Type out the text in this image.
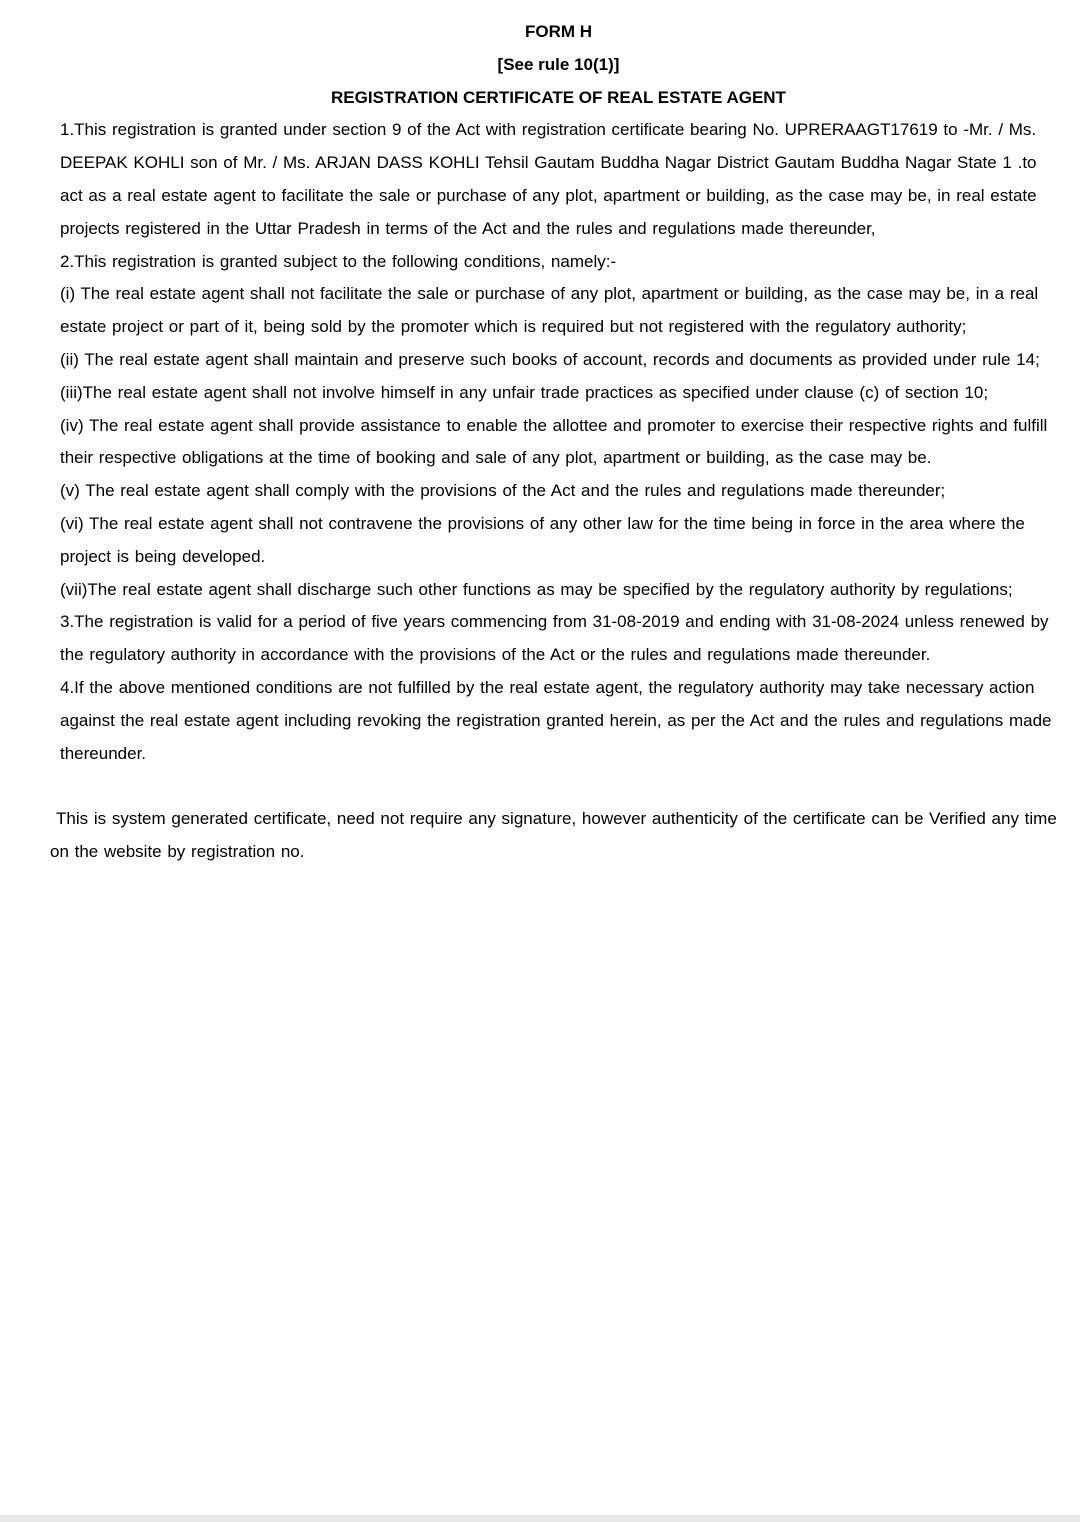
FORM H
[See rule 10(1)]
REGISTRATION CERTIFICATE OF REAL ESTATE AGENT

1.This registration is granted under section 9 of the Act with registration certificate bearing No. UPRERAAGT17619 to -Mr. / Ms. DEEPAK KOHLI son of Mr. / Ms. ARJAN DASS KOHLI Tehsil Gautam Buddha Nagar District Gautam Buddha Nagar State 1 .to act as a real estate agent to facilitate the sale or purchase of any plot, apartment or building, as the case may be, in real estate projects registered in the Uttar Pradesh in terms of the Act and the rules and regulations made thereunder,

2.This registration is granted subject to the following conditions, namely:-

(i) The real estate agent shall not facilitate the sale or purchase of any plot, apartment or building, as the case may be, in a real estate project or part of it, being sold by the promoter which is required but not registered with the regulatory authority;

(ii) The real estate agent shall maintain and preserve such books of account, records and documents as provided under rule 14;

(iii)The real estate agent shall not involve himself in any unfair trade practices as specified under clause (c) of section 10;

(iv) The real estate agent shall provide assistance to enable the allottee and promoter to exercise their respective rights and fulfill their respective obligations at the time of booking and sale of any plot, apartment or building, as the case may be.

(v) The real estate agent shall comply with the provisions of the Act and the rules and regulations made thereunder;

(vi) The real estate agent shall not contravene the provisions of any other law for the time being in force in the area where the project is being developed.

(vii)The real estate agent shall discharge such other functions as may be specified by the regulatory authority by regulations;

3.The registration is valid for a period of five years commencing from 31-08-2019 and ending with 31-08-2024 unless renewed by the regulatory authority in accordance with the provisions of the Act or the rules and regulations made thereunder.

4.If the above mentioned conditions are not fulfilled by the real estate agent, the regulatory authority may take necessary action against the real estate agent including revoking the registration granted herein, as per the Act and the rules and regulations made thereunder.

This is system generated certificate, need not require any signature, however authenticity of the certificate can be Verified any time on the website by registration no.
